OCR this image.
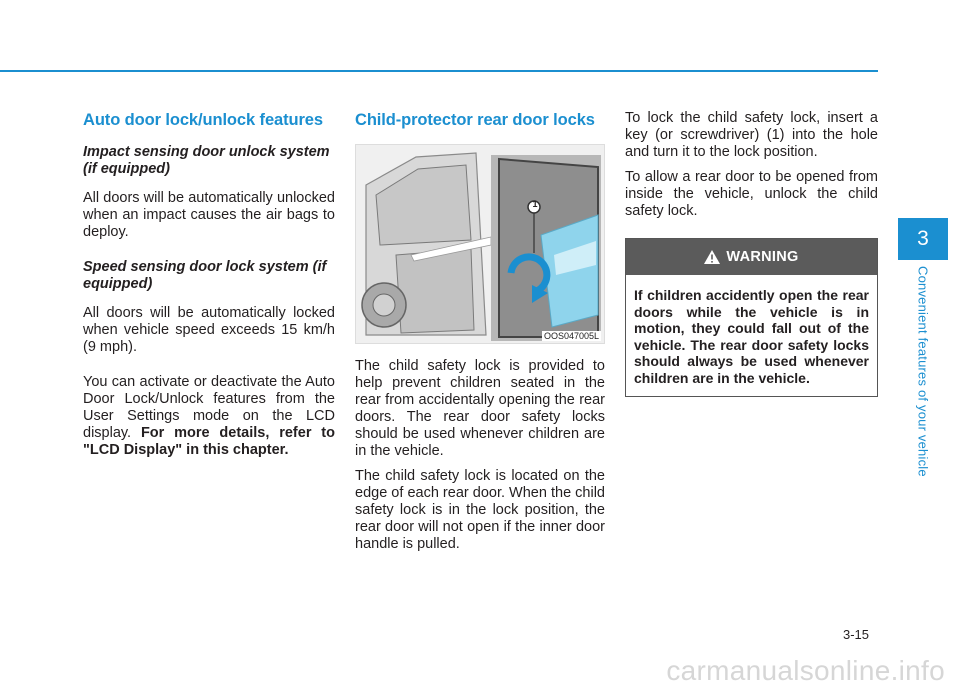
Auto door lock/unlock features
Impact sensing door unlock system (if equipped)

All doors will be automatically unlocked when an impact causes the air bags to deploy.

Speed sensing door lock system (if equipped)

All doors will be automatically locked when vehicle speed exceeds 15 km/h (9 mph).

You can activate or deactivate the Auto Door Lock/Unlock features from the User Settings mode on the LCD display. For more details, refer to "LCD Display" in this chapter.

Child-protector rear door locks
OOS047005L
1

The child safety lock is provided to help prevent children seated in the rear from accidentally opening the rear doors. The rear door safety locks should be used whenever children are in the vehicle.

The child safety lock is located on the edge of each rear door. When the child safety lock is in the lock position, the rear door will not open if the inner door handle is pulled.

To lock the child safety lock, insert a key (or screwdriver) (1) into the hole and turn it to the lock position.

To allow a rear door to be opened from inside the vehicle, unlock the child safety lock.

WARNING
If children accidently open the rear doors while the vehicle is in motion, they could fall out of the vehicle. The rear door safety locks should always be used whenever children are in the vehicle.
3
Convenient features of your vehicle
3-15
carmanualsonline.info
